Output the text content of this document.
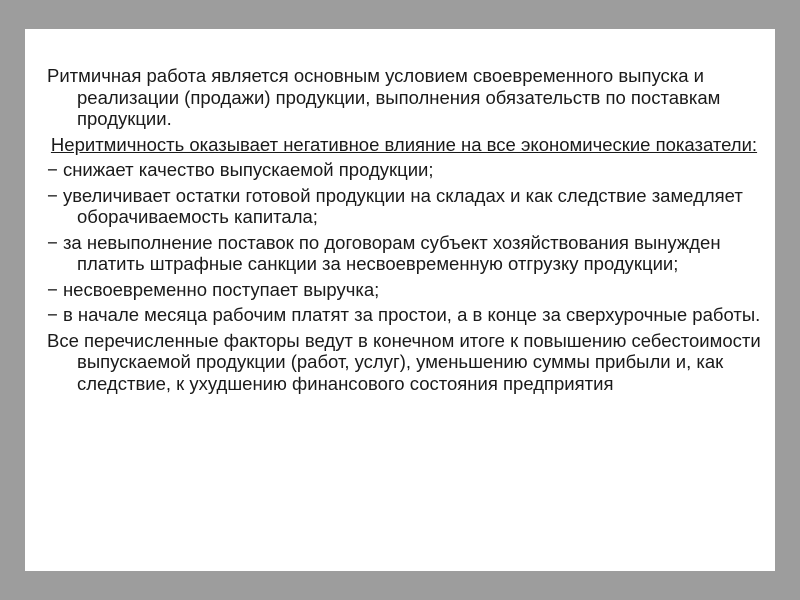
Ритмичная работа является основным условием своевременного выпуска и реализации (продажи) продукции, выполнения обязательств по поставкам продукции.

Неритмичность оказывает негативное влияние на все экономические показатели:

− снижает качество выпускаемой продукции;

− увеличивает остатки готовой продукции на складах и как следствие замедляет оборачиваемость капитала;

− за невыполнение поставок по договорам субъект хозяйствования вынужден платить штрафные санкции за несвоевременную отгрузку продукции;

− несвоевременно поступает выручка;

− в начале месяца рабочим платят за простои, а в конце за сверхурочные работы.

Все перечисленные факторы ведут в конечном итоге к повышению себестоимости выпускаемой продукции (работ, услуг), уменьшению суммы прибыли и, как следствие, к ухудшению финансового состояния предприятия
